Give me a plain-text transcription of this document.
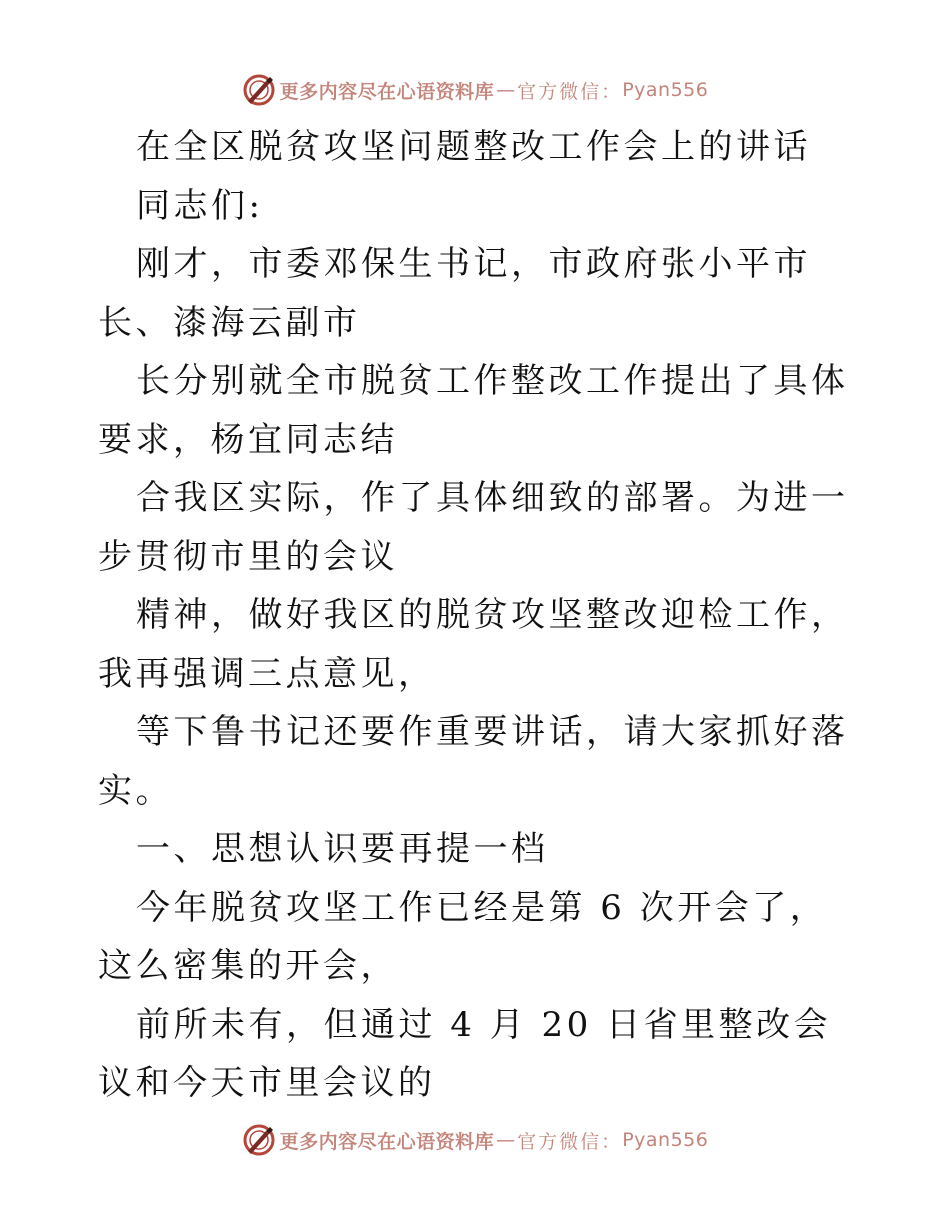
更多内容尽在心语资料库 — 官方微信： Pyan556

在全区脱贫攻坚问题整改工作会上的讲话

同志们:

刚才，市委邓保生书记，市政府张小平市长、漆海云副市

长分别就全市脱贫工作整改工作提出了具体要求，杨宜同志结

合我区实际，作了具体细致的部署。为进一步贯彻市里的会议

精神，做好我区的脱贫攻坚整改迎检工作，我再强调三点意见，

等下鲁书记还要作重要讲话，请大家抓好落实。

一、思想认识要再提一档

今年脱贫攻坚工作已经是第 6 次开会了，这么密集的开会，

前所未有，但通过 4 月 20 日省里整改会议和今天市里会议的

更多内容尽在心语资料库 — 官方微信： Pyan556
